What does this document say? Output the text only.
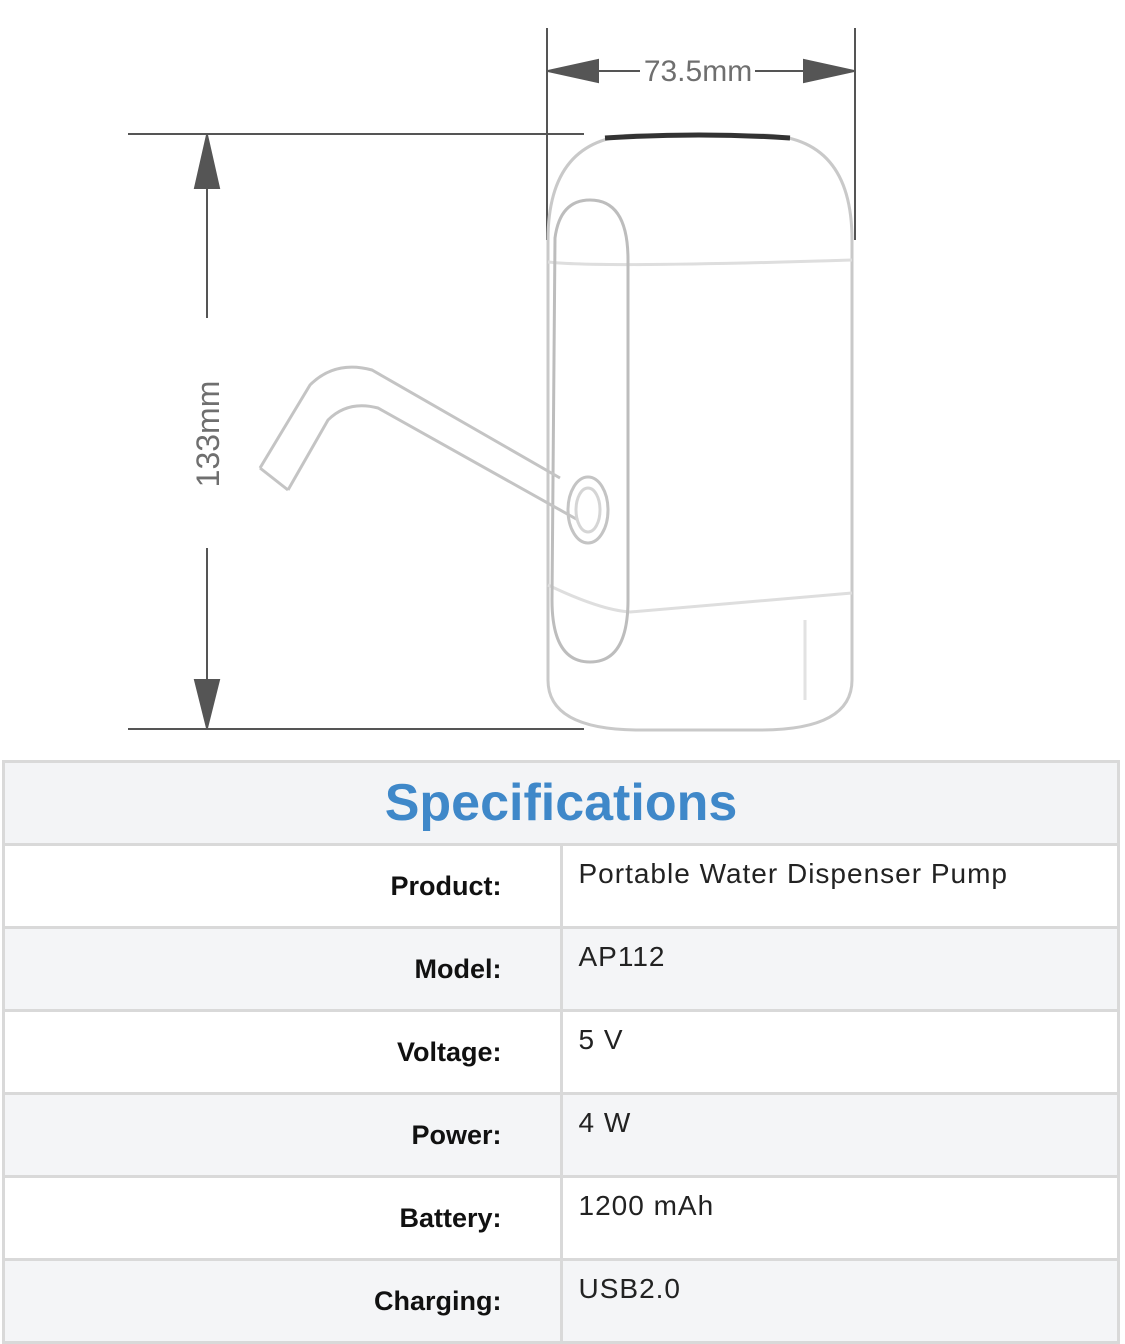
73.5mm
133mm
Specifications	
Product:	Portable Water Dispenser Pump
Model:	AP112
Voltage:	5 V
Power:	4 W
Battery:	1200 mAh
Charging:	USB2.0
